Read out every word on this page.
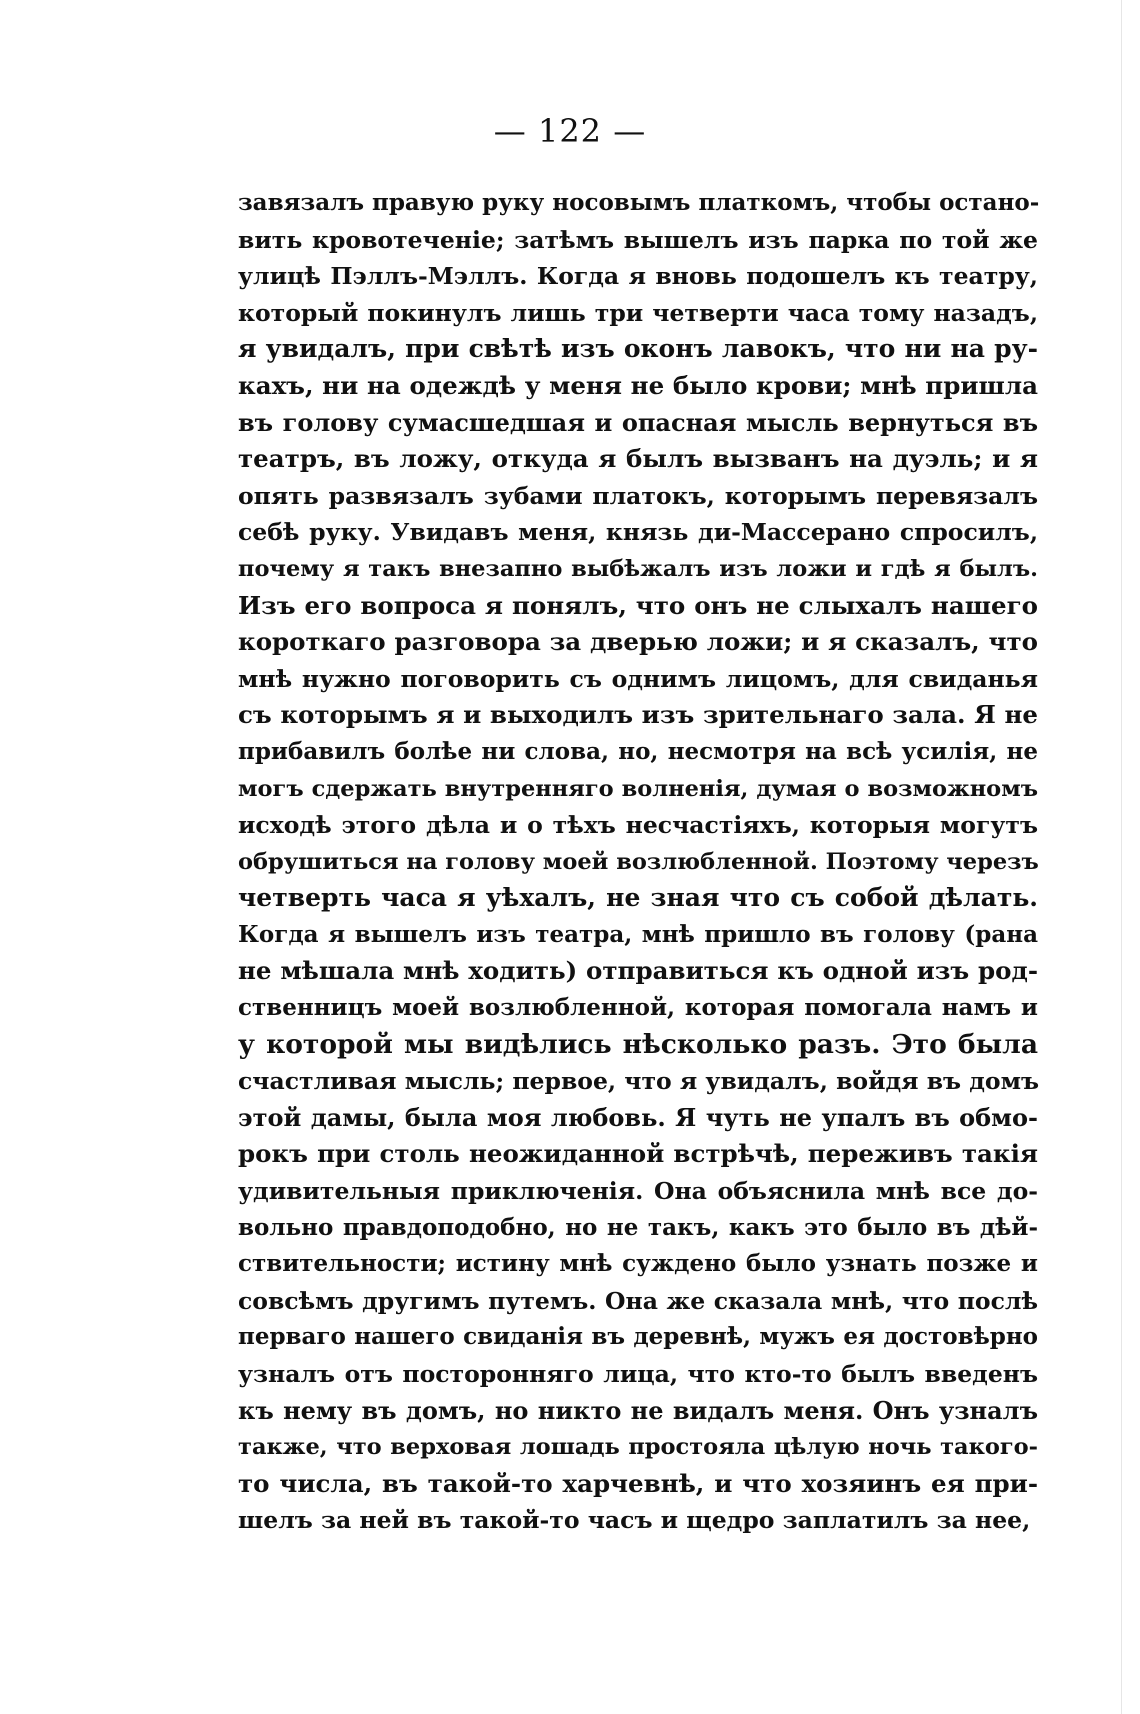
— 122 —
завязалъ правую руку носовымъ платкомъ, чтобы остано-
вить кровотеченіе; затѣмъ вышелъ изъ парка по той же
улицѣ Пэллъ-Мэллъ. Когда я вновь подошелъ къ театру,
который покинулъ лишь три четверти часа тому назадъ,
я увидалъ, при свѣтѣ изъ оконъ лавокъ, что ни на ру-
кахъ, ни на одеждѣ у меня не было крови; мнѣ пришла
въ голову сумасшедшая и опасная мысль вернуться въ
театръ, въ ложу, откуда я былъ вызванъ на дуэль; и я
опять развязалъ зубами платокъ, которымъ перевязалъ
себѣ руку. Увидавъ меня, князь ди-Массерано спросилъ,
почему я такъ внезапно выбѣжалъ изъ ложи и гдѣ я былъ.
Изъ его вопроса я понялъ, что онъ не слыхалъ нашего
короткаго разговора за дверью ложи; и я сказалъ, что
мнѣ нужно поговорить съ однимъ лицомъ, для свиданья
съ которымъ я и выходилъ изъ зрительнаго зала. Я не
прибавилъ болѣе ни слова, но, несмотря на всѣ усилія, не
могъ сдержать внутренняго волненія, думая о возможномъ
исходѣ этого дѣла и о тѣхъ несчастіяхъ, которыя могутъ
обрушиться на голову моей возлюбленной. Поэтому черезъ
четверть часа я уѣхалъ, не зная что съ собой дѣлать.
Когда я вышелъ изъ театра, мнѣ пришло въ голову (рана
не мѣшала мнѣ ходить) отправиться къ одной изъ род-
ственницъ моей возлюбленной, которая помогала намъ и
у которой мы видѣлись нѣсколько разъ. Это была
счастливая мысль; первое, что я увидалъ, войдя въ домъ
этой дамы, была моя любовь. Я чуть не упалъ въ обмо-
рокъ при столь неожиданной встрѣчѣ, переживъ такія
удивительныя приключенія. Она объяснила мнѣ все до-
вольно правдоподобно, но не такъ, какъ это было въ дѣй-
ствительности; истину мнѣ суждено было узнать позже и
совсѣмъ другимъ путемъ. Она же сказала мнѣ, что послѣ
перваго нашего свиданія въ деревнѣ, мужъ ея достовѣрно
узналъ отъ посторонняго лица, что кто-то былъ введенъ
къ нему въ домъ, но никто не видалъ меня. Онъ узналъ
также, что верховая лошадь простояла цѣлую ночь такого-
то числа, въ такой-то харчевнѣ, и что хозяинъ ея при-
шелъ за ней въ такой-то часъ и щедро заплатилъ за нее,
